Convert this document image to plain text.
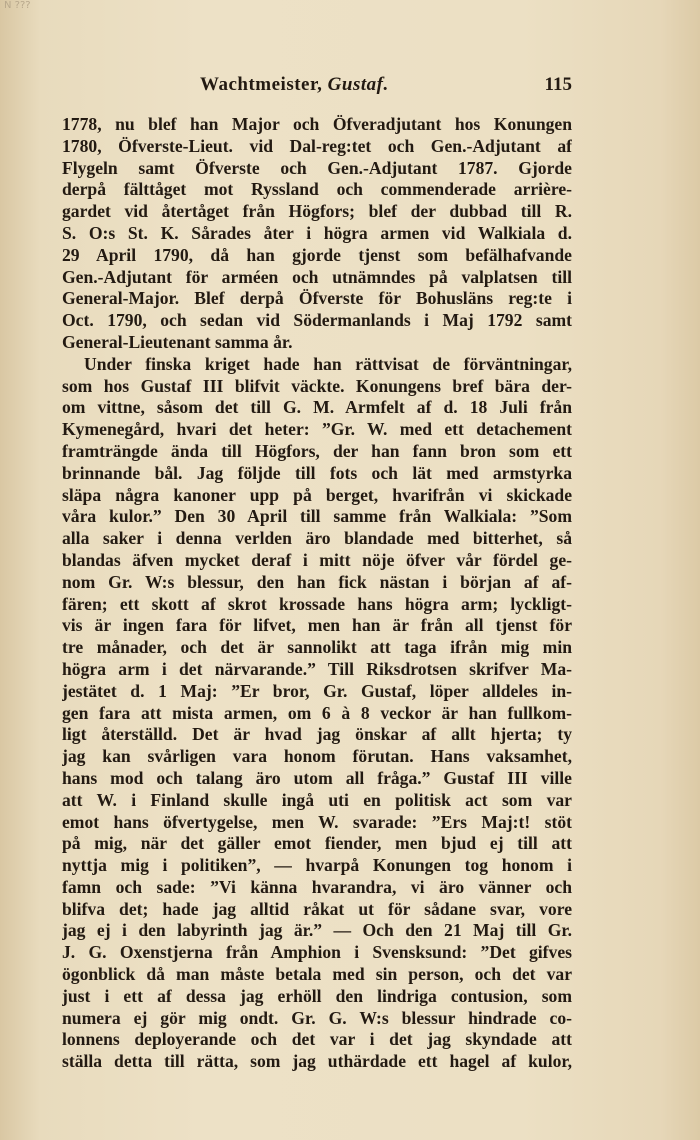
N ???
Wachtmeister, Gustaf.	115
1778, nu blef han Major och Öfveradjutant hos Konungen
1780, Öfverste-Lieut. vid Dal-reg:tet och Gen.-Adjutant af
Flygeln samt Öfverste och Gen.-Adjutant 1787. Gjorde
derpå fälttåget mot Ryssland och commenderade arrière-
gardet vid återtåget från Högfors; blef der dubbad till R.
S. O:s St. K. Sårades åter i högra armen vid Walkiala d.
29 April 1790, då han gjorde tjenst som befälhafvande
Gen.-Adjutant för arméen och utnämndes på valplatsen till
General-Major. Blef derpå Öfverste för Bohusläns reg:te i
Oct. 1790, och sedan vid Södermanlands i Maj 1792 samt
General-Lieutenant samma år.
Under finska kriget hade han rättvisat de förväntningar,
som hos Gustaf III blifvit väckte. Konungens bref bära der-
om vittne, såsom det till G. M. Armfelt af d. 18 Juli från
Kymenegård, hvari det heter: ”Gr. W. med ett detachement
framträngde ända till Högfors, der han fann bron som ett
brinnande bål. Jag följde till fots och lät med armstyrka
släpa några kanoner upp på berget, hvarifrån vi skickade
våra kulor.” Den 30 April till samme från Walkiala: ”Som
alla saker i denna verlden äro blandade med bitterhet, så
blandas äfven mycket deraf i mitt nöje öfver vår fördel ge-
nom Gr. W:s blessur, den han fick nästan i början af af-
fären; ett skott af skrot krossade hans högra arm; lyckligt-
vis är ingen fara för lifvet, men han är från all tjenst för
tre månader, och det är sannolikt att taga ifrån mig min
högra arm i det närvarande.” Till Riksdrotsen skrifver Ma-
jestätet d. 1 Maj: ”Er bror, Gr. Gustaf, löper alldeles in-
gen fara att mista armen, om 6 à 8 veckor är han fullkom-
ligt återställd. Det är hvad jag önskar af allt hjerta; ty
jag kan svårligen vara honom förutan. Hans vaksamhet,
hans mod och talang äro utom all fråga.” Gustaf III ville
att W. i Finland skulle ingå uti en politisk act som var
emot hans öfvertygelse, men W. svarade: ”Ers Maj:t! stöt
på mig, när det gäller emot fiender, men bjud ej till att
nyttja mig i politiken”, — hvarpå Konungen tog honom i
famn och sade: ”Vi känna hvarandra, vi äro vänner och
blifva det; hade jag alltid råkat ut för sådane svar, vore
jag ej i den labyrinth jag är.” — Och den 21 Maj till Gr.
J. G. Oxenstjerna från Amphion i Svensksund: ”Det gifves
ögonblick då man måste betala med sin person, och det var
just i ett af dessa jag erhöll den lindriga contusion, som
numera ej gör mig ondt. Gr. G. W:s blessur hindrade co-
lonnens deployerande och det var i det jag skyndade att
ställa detta till rätta, som jag uthärdade ett hagel af kulor,
